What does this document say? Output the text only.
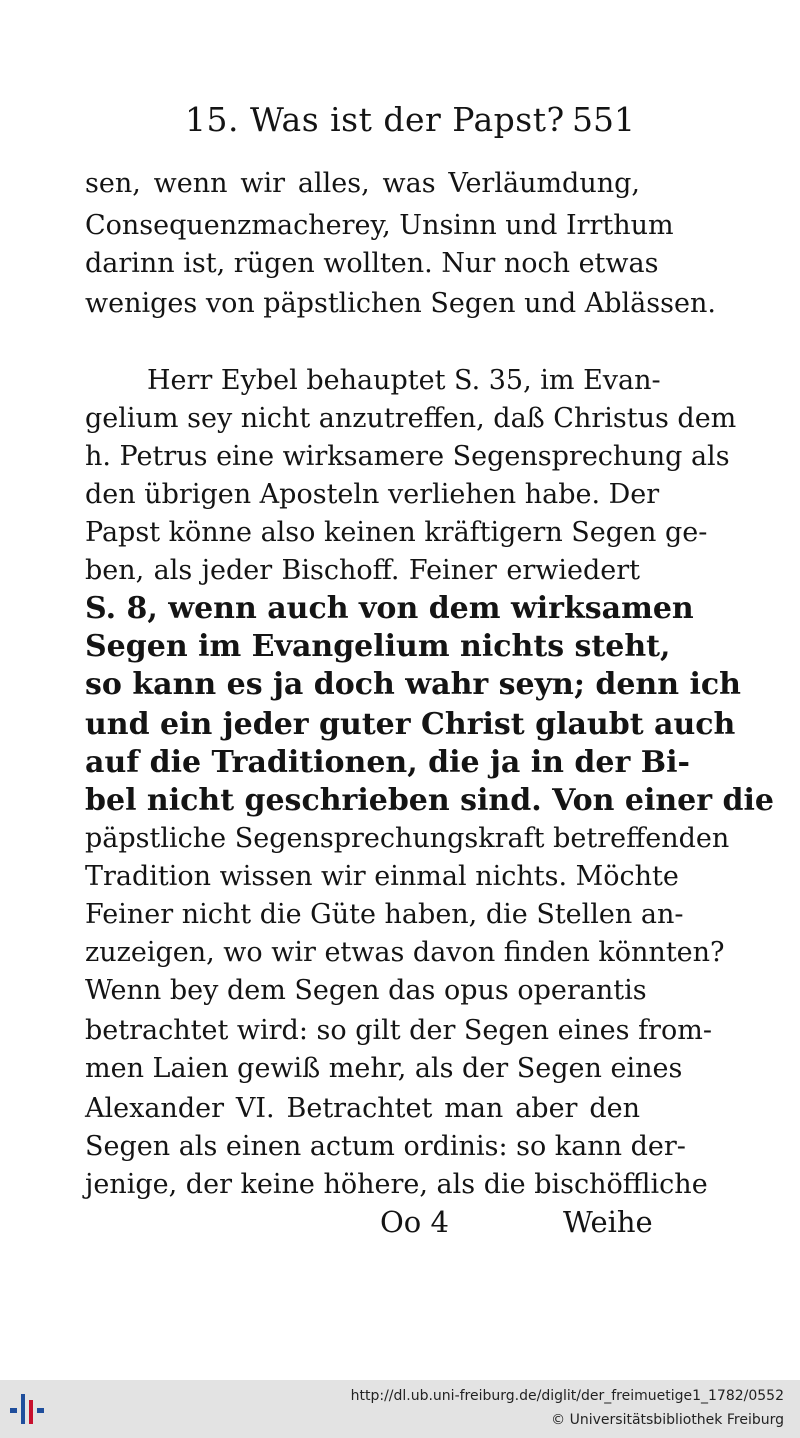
15. Was ist der Papst? 551
sen, wenn wir alles, was Verläumdung,
Consequenzmacherey, Unsinn und Irrthum
darinn ist, rügen wollten. Nur noch etwas
weniges von päpstlichen Segen und Ablässen.
Herr Eybel behauptet S. 35, im Evan-
gelium sey nicht anzutreffen, daß Christus dem
h. Petrus eine wirksamere Segensprechung als
den übrigen Aposteln verliehen habe. Der
Papst könne also keinen kräftigern Segen ge-
ben, als jeder Bischoff. Feiner erwiedert
S. 8, wenn auch von dem wirksamen
Segen im Evangelium nichts steht,
so kann es ja doch wahr seyn; denn ich
und ein jeder guter Christ glaubt auch
auf die Traditionen, die ja in der Bi-
bel nicht geschrieben sind. Von einer die
päpstliche Segensprechungskraft betreffenden
Tradition wissen wir einmal nichts. Möchte
Feiner nicht die Güte haben, die Stellen an-
zuzeigen, wo wir etwas davon finden könnten?
Wenn bey dem Segen das opus operantis
betrachtet wird: so gilt der Segen eines from-
men Laien gewiß mehr, als der Segen eines
Alexander VI. Betrachtet man aber den
Segen als einen actum ordinis: so kann der-
jenige, der keine höhere, als die bischöffliche
Oo 4	Weihe
http://dl.ub.uni-freiburg.de/diglit/der_freimuetige1_1782/0552
© Universitätsbibliothek Freiburg
